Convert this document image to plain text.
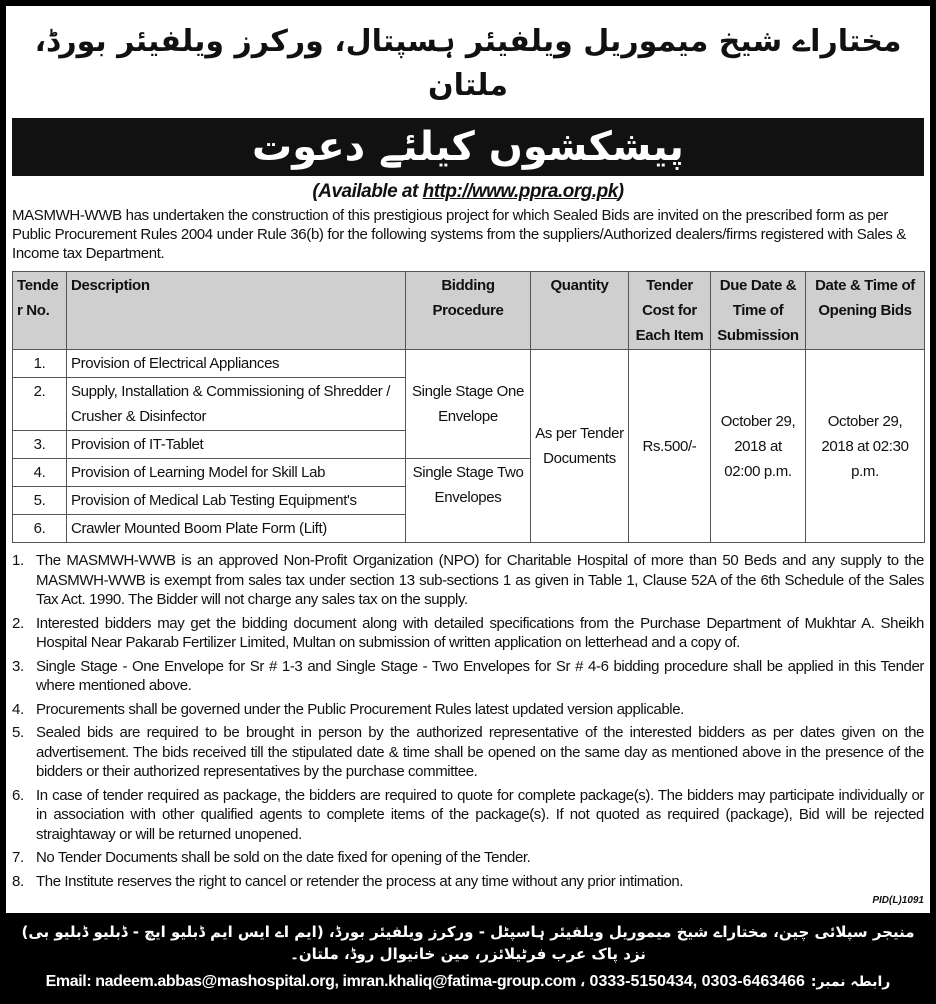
مختاراے شیخ میموریل ویلفیئر ہسپتال، ورکرز ویلفیئر بورڈ، ملتان
پیشکشوں کیلئے دعوت
(Available at http://www.ppra.org.pk)
MASMWH-WWB has undertaken the construction of this prestigious project for which Sealed Bids are invited on the prescribed form as per Public Procurement Rules 2004 under Rule 36(b) for the following systems from the suppliers/Authorized dealers/firms registered with Sales & Income tax Department.
Tender No.	Description	Bidding Procedure	Quantity	Tender Cost for Each Item	Due Date & Time of Submission	Date & Time of Opening Bids
1.	Provision of Electrical Appliances	Single Stage One Envelope	As per Tender Documents	Rs.500/-	October 29, 2018 at 02:00 p.m.	October 29, 2018 at 02:30 p.m.
2.	Supply, Installation & Commissioning of Shredder / Crusher & Disinfector					
3.	Provision of IT-Tablet					
4.	Provision of Learning Model for Skill Lab	Single Stage Two Envelopes				
5.	Provision of Medical Lab Testing Equipment's					
6.	Crawler Mounted Boom Plate Form (Lift)					
1. The MASMWH-WWB is an approved Non-Profit Organization (NPO) for Charitable Hospital of more than 50 Beds and any supply to the MASMWH-WWB is exempt from sales tax under section 13 sub-sections 1 as given in Table 1, Clause 52A of the 6th Schedule of the Sales Tax Act. 1990. The Bidder will not charge any sales tax on the supply.
2. Interested bidders may get the bidding document along with detailed specifications from the Purchase Department of Mukhtar A. Sheikh Hospital Near Pakarab Fertilizer Limited, Multan on submission of written application on letterhead and a copy of.
3. Single Stage - One Envelope for Sr # 1-3 and Single Stage - Two Envelopes for Sr # 4-6 bidding procedure shall be applied in this Tender where mentioned above.
4. Procurements shall be governed under the Public Procurement Rules latest updated version applicable.
5. Sealed bids are required to be brought in person by the authorized representative of the interested bidders as per dates given on the advertisement. The bids received till the stipulated date & time shall be opened on the same day as mentioned above in the presence of the bidders or their authorized representatives by the purchase committee.
6. In case of tender required as package, the bidders are required to quote for complete package(s). The bidders may participate individually or in association with other qualified agents to complete items of the package(s). If not quoted as required (package), Bid will be rejected straightaway or will be returned unopened.
7. No Tender Documents shall be sold on the date fixed for opening of the Tender.
8. The Institute reserves the right to cancel or retender the process at any time without any prior intimation.
PID(L)1091
منیجر سپلائی چین، مختاراے شیخ میموریل ویلفیئر ہاسپٹل - ورکرز ویلفیئر بورڈ، (ایم اے ایس ایم ڈبلیو ایچ - ڈبلیو ڈبلیو بی) نزد پاک عرب فرٹیلائزر، مین خانیوال روڈ، ملتان۔
رابطہ نمبر:
Email: nadeem.abbas@mashospital.org, imran.khaliq@fatima-group.com ، 0333-5150434, 0303-6463466
